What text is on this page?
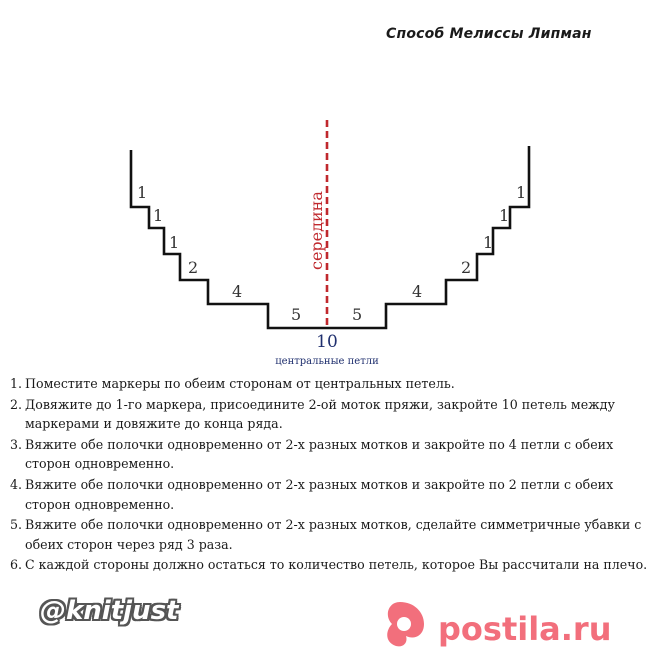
Способ Мелиссы Липман
середина
1
1
1
2
4
5	5
4
2
1
1
1
10
центральные петли
1. Поместите маркеры по обеим сторонам от центральных петель.
2. Довяжите до 1-го маркера, присоедините 2-ой моток пряжи, закройте 10 петель между маркерами и довяжите до конца ряда.
3. Вяжите обе полочки одновременно от 2-х разных мотков и закройте по 4 петли с обеих сторон одновременно.
4. Вяжите обе полочки одновременно от 2-х разных мотков и закройте по 2 петли с обеих сторон одновременно.
5. Вяжите обе полочки одновременно от 2-х разных мотков, сделайте симметричные убавки с обеих сторон через ряд 3 раза.
6. С каждой стороны должно остаться то количество петель, которое Вы рассчитали на плечо.
@knitjust	postila.ru
